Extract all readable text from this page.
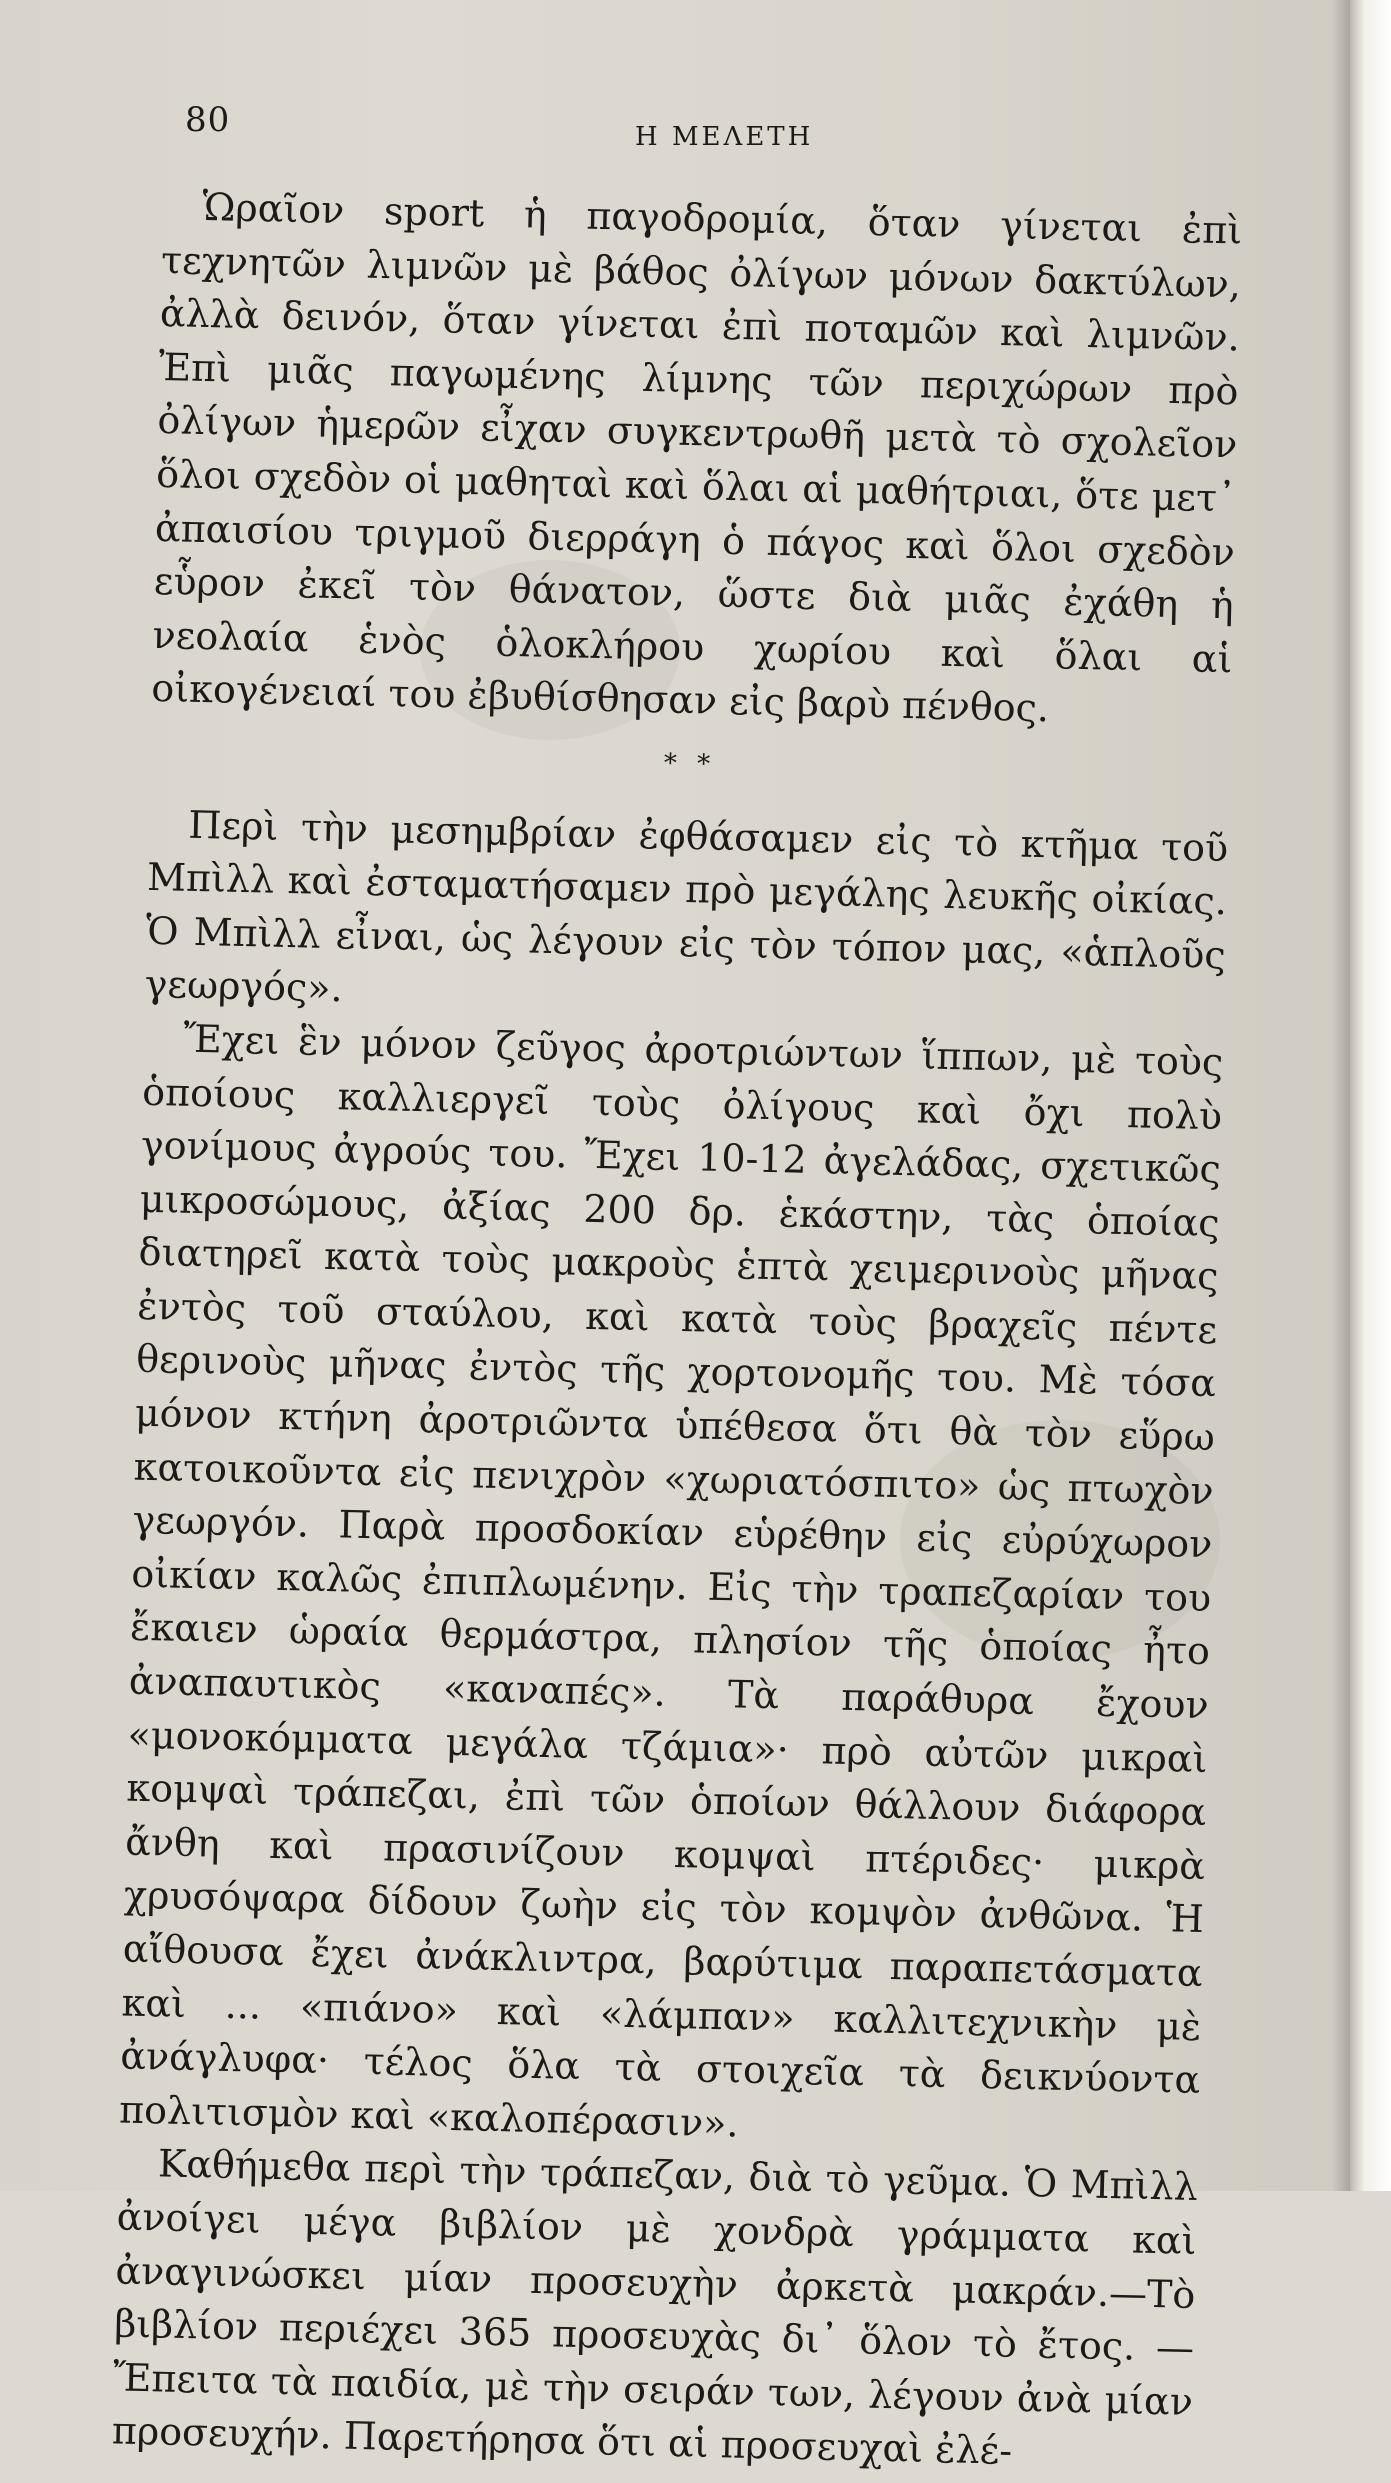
80	Η ΜΕΛΕΤΗ

Ὡραῖον sport ἡ παγοδρομία, ὅταν γίνεται ἐπὶ τεχνητῶν λιμνῶν μὲ βάθος ὀλίγων μόνων δακτύλων, ἀλλὰ δεινόν, ὅταν γίνεται ἐπὶ ποταμῶν καὶ λιμνῶν. Ἐπὶ μιᾶς παγωμένης λίμνης τῶν περιχώρων πρὸ ὀλίγων ἡμερῶν εἶχαν συγκεντρωθῆ μετὰ τὸ σχολεῖον ὅλοι σχεδὸν οἱ μαθηταὶ καὶ ὅλαι αἱ μαθήτριαι, ὅτε μετ᾽ ἀπαισίου τριγμοῦ διερράγη ὁ πάγος καὶ ὅλοι σχεδὸν εὗρον ἐκεῖ τὸν θάνατον, ὥστε διὰ μιᾶς ἐχάθη ἡ νεολαία ἑνὸς ὁλοκλήρου χωρίου καὶ ὅλαι αἱ οἰκογένειαί του ἐβυθίσθησαν εἰς βαρὺ πένθος.

* *

Περὶ τὴν μεσημβρίαν ἐφθάσαμεν εἰς τὸ κτῆμα τοῦ Μπὶλλ καὶ ἐσταματήσαμεν πρὸ μεγάλης λευκῆς οἰκίας. Ὁ Μπὶλλ εἶναι, ὡς λέγουν εἰς τὸν τόπον μας, «ἁπλοῦς γεωργός».

Ἔχει ἓν μόνον ζεῦγος ἀροτριώντων ἵππων, μὲ τοὺς ὁποίους καλλιεργεῖ τοὺς ὀλίγους καὶ ὄχι πολὺ γονίμους ἀγρούς του. Ἔχει 10-12 ἀγελάδας, σχετικῶς μικροσώμους, ἀξίας 200 δρ. ἑκάστην, τὰς ὁποίας διατηρεῖ κατὰ τοὺς μακροὺς ἑπτὰ χειμερινοὺς μῆνας ἐντὸς τοῦ σταύλου, καὶ κατὰ τοὺς βραχεῖς πέντε θερινοὺς μῆνας ἐντὸς τῆς χορτονομῆς του. Μὲ τόσα μόνον κτήνη ἀροτριῶντα ὑπέθεσα ὅτι θὰ τὸν εὕρω κατοικοῦντα εἰς πενιχρὸν «χωριατόσπιτο» ὡς πτωχὸν γεωργόν. Παρὰ προσδοκίαν εὑρέθην εἰς εὐρύχωρον οἰκίαν καλῶς ἐπιπλωμένην. Εἰς τὴν τραπεζαρίαν του ἔκαιεν ὡραία θερμάστρα, πλησίον τῆς ὁποίας ἦτο ἀναπαυτικὸς «καναπές». Τὰ παράθυρα ἔχουν «μονοκόμματα μεγάλα τζάμια»· πρὸ αὐτῶν μικραὶ κομψαὶ τράπεζαι, ἐπὶ τῶν ὁποίων θάλλουν διάφορα ἄνθη καὶ πρασινίζουν κομψαὶ πτέριδες· μικρὰ χρυσόψαρα δίδουν ζωὴν εἰς τὸν κομψὸν ἀνθῶνα. Ἡ αἴθουσα ἔχει ἀνάκλιντρα, βαρύτιμα παραπετάσματα καὶ ... «πιάνο» καὶ «λάμπαν» καλλιτεχνικὴν μὲ ἀνάγλυφα· τέλος ὅλα τὰ στοιχεῖα τὰ δεικνύοντα πολιτισμὸν καὶ «καλοπέρασιν».

Καθήμεθα περὶ τὴν τράπεζαν, διὰ τὸ γεῦμα. Ὁ Μπὶλλ ἀνοίγει μέγα βιβλίον μὲ χονδρὰ γράμματα καὶ ἀναγινώσκει μίαν προσευχὴν ἀρκετὰ μακράν.—Τὸ βιβλίον περιέχει 365 προσευχὰς δι᾽ ὅλον τὸ ἔτος. — Ἔπειτα τὰ παιδία, μὲ τὴν σειράν των, λέγουν ἀνὰ μίαν προσευχήν. Παρετήρησα ὅτι αἱ προσευχαὶ ἐλέ-
